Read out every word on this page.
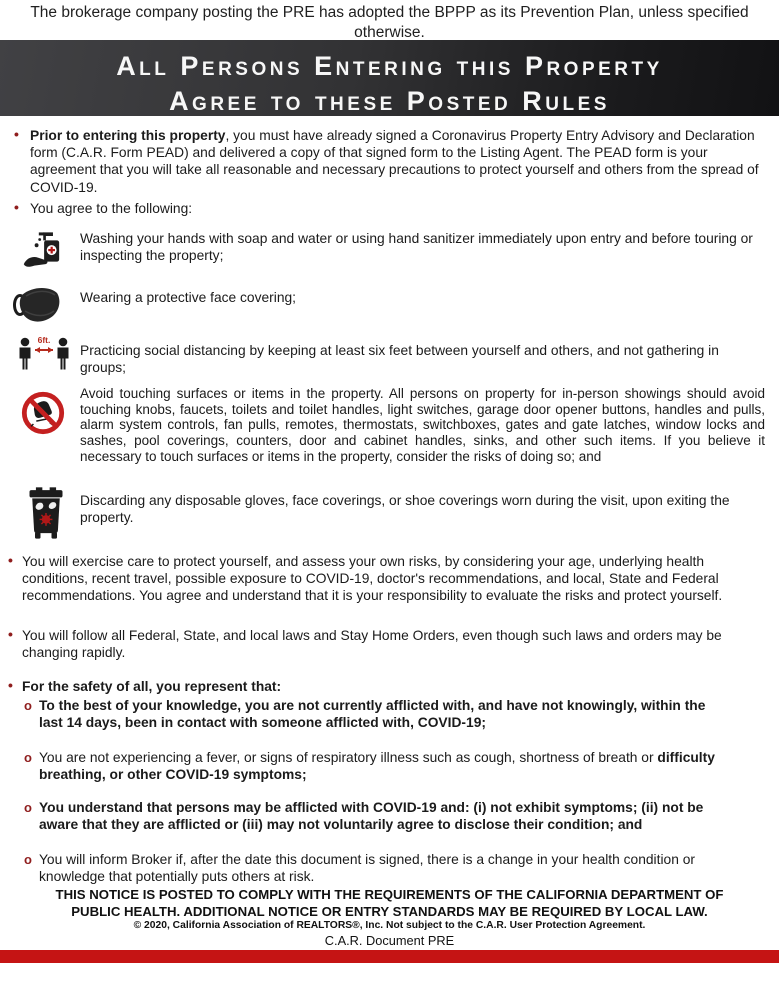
The brokerage company posting the PRE has adopted the BPPP as its Prevention Plan, unless specified otherwise.
All Persons Entering this Property
Agree to these Posted Rules
• Prior to entering this property, you must have already signed a Coronavirus Property Entry Advisory and Declaration form (C.A.R. Form PEAD) and delivered a copy of that signed form to the Listing Agent. The PEAD form is your agreement that you will take all reasonable and necessary precautions to protect yourself and others from the spread of COVID-19.
• You agree to the following:
Washing your hands with soap and water or using hand sanitizer immediately upon entry and before touring or inspecting the property;
Wearing a protective face covering;
6ft.
Practicing social distancing by keeping at least six feet between yourself and others, and not gathering in groups;
Avoid touching surfaces or items in the property. All persons on property for in-person showings should avoid touching knobs, faucets, toilets and toilet handles, light switches, garage door opener buttons, handles and pulls, alarm system controls, fan pulls, remotes, thermostats, switchboxes, gates and gate latches, window locks and sashes, pool coverings, counters, door and cabinet handles, sinks, and other such items. If you believe it necessary to touch surfaces or items in the property, consider the risks of doing so; and
Discarding any disposable gloves, face coverings, or shoe coverings worn during the visit, upon exiting the property.
• You will exercise care to protect yourself, and assess your own risks, by considering your age, underlying health conditions, recent travel, possible exposure to COVID-19, doctor's recommendations, and local, State and Federal recommendations. You agree and understand that it is your responsibility to evaluate the risks and protect yourself.
• You will follow all Federal, State, and local laws and Stay Home Orders, even though such laws and orders may be changing rapidly.
• For the safety of all, you represent that:
o To the best of your knowledge, you are not currently afflicted with, and have not knowingly, within the last 14 days, been in contact with someone afflicted with, COVID-19;
o You are not experiencing a fever, or signs of respiratory illness such as cough, shortness of breath or difficulty breathing, or other COVID-19 symptoms;
o You understand that persons may be afflicted with COVID-19 and: (i) not exhibit symptoms; (ii) not be aware that they are afflicted or (iii) may not voluntarily agree to disclose their condition; and
o You will inform Broker if, after the date this document is signed, there is a change in your health condition or knowledge that potentially puts others at risk.
THIS NOTICE IS POSTED TO COMPLY WITH THE REQUIREMENTS OF THE CALIFORNIA DEPARTMENT OF PUBLIC HEALTH. ADDITIONAL NOTICE OR ENTRY STANDARDS MAY BE REQUIRED BY LOCAL LAW.
© 2020, California Association of REALTORS®, Inc. Not subject to the C.A.R. User Protection Agreement.
C.A.R. Document PRE
